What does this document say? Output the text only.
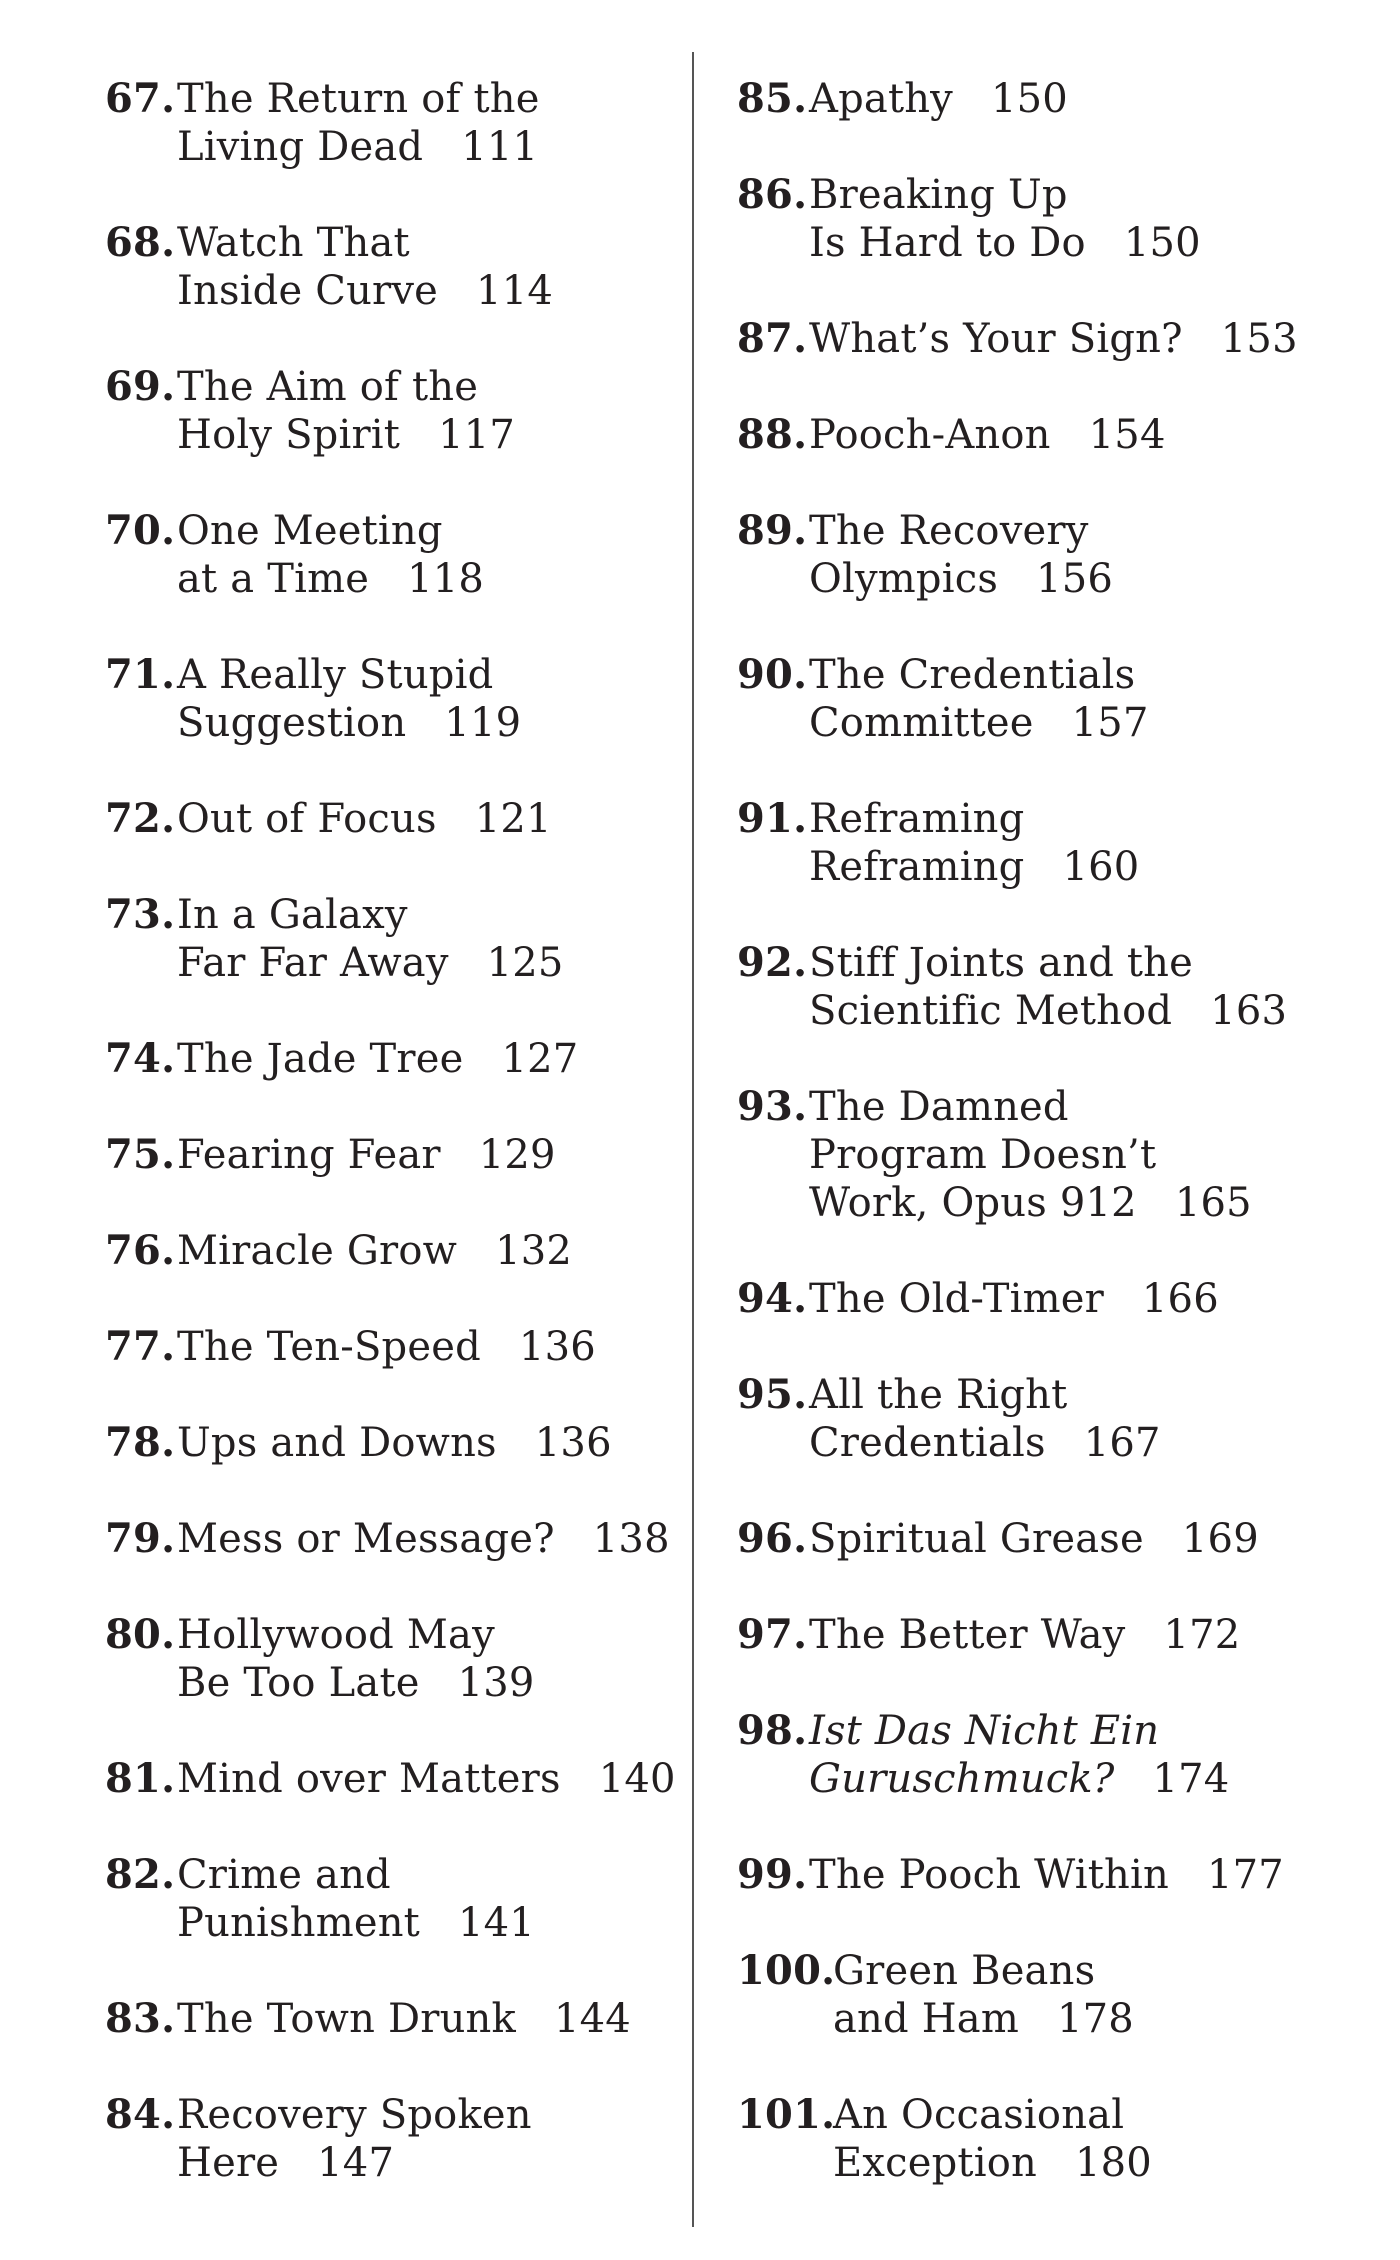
67. The Return of the
Living Dead 111
68. Watch That
Inside Curve 114
69. The Aim of the
Holy Spirit 117
70. One Meeting
at a Time 118
71. A Really Stupid
Suggestion 119
72. Out of Focus 121
73. In a Galaxy
Far Far Away 125
74. The Jade Tree 127
75. Fearing Fear 129
76. Miracle Grow 132
77. The Ten-Speed 136
78. Ups and Downs 136
79. Mess or Message? 138
80. Hollywood May
Be Too Late 139
81. Mind over Matters 140
82. Crime and
Punishment 141
83. The Town Drunk 144
84. Recovery Spoken
Here 147
85. Apathy 150
86. Breaking Up
Is Hard to Do 150
87. What’s Your Sign? 153
88. Pooch-Anon 154
89. The Recovery
Olympics 156
90. The Credentials
Committee 157
91. Reframing
Reframing 160
92. Stiff Joints and the
Scientific Method 163
93. The Damned
Program Doesn’t
Work, Opus 912 165
94. The Old-Timer 166
95. All the Right
Credentials 167
96. Spiritual Grease 169
97. The Better Way 172
98. Ist Das Nicht Ein
Guruschmuck? 174
99. The Pooch Within 177
100.
Green Beans
and Ham 178
101.
An Occasional
Exception 180
